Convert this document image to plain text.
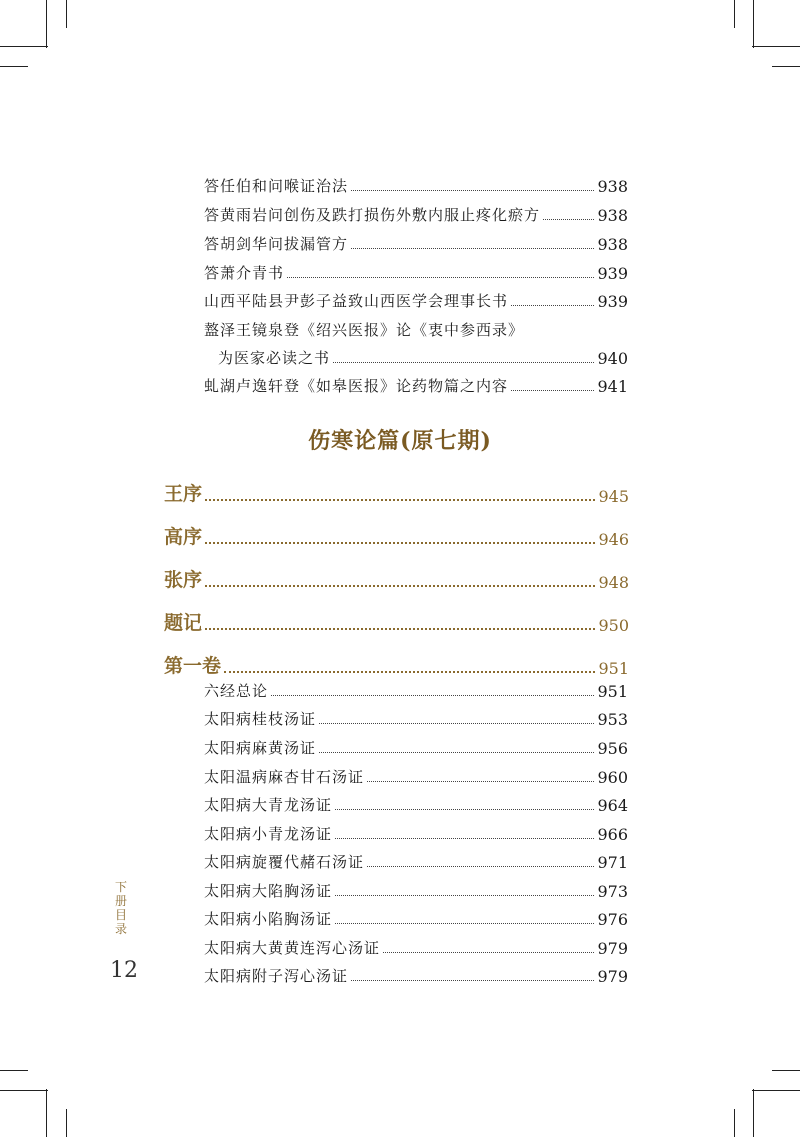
答任伯和问喉证治法	938
答黄雨岩问创伤及跌打损伤外敷内服止疼化瘀方	938
答胡剑华问拔漏管方	938
答萧介青书	939
山西平陆县尹彭子益致山西医学会理事长书	939
盩泽王镜泉登《绍兴医报》论《衷中参西录》
为医家必读之书	940
虬湖卢逸轩登《如皋医报》论药物篇之内容	941
伤寒论篇(原七期)
王序	945
高序	946
张序	948
题记	950
第一卷	951
六经总论	951
太阳病桂枝汤证	953
太阳病麻黄汤证	956
太阳温病麻杏甘石汤证	960
太阳病大青龙汤证	964
太阳病小青龙汤证	966
太阳病旋覆代赭石汤证	971
太阳病大陷胸汤证	973
太阳病小陷胸汤证	976
太阳病大黄黄连泻心汤证	979
太阳病附子泻心汤证	979
下册目录
12
